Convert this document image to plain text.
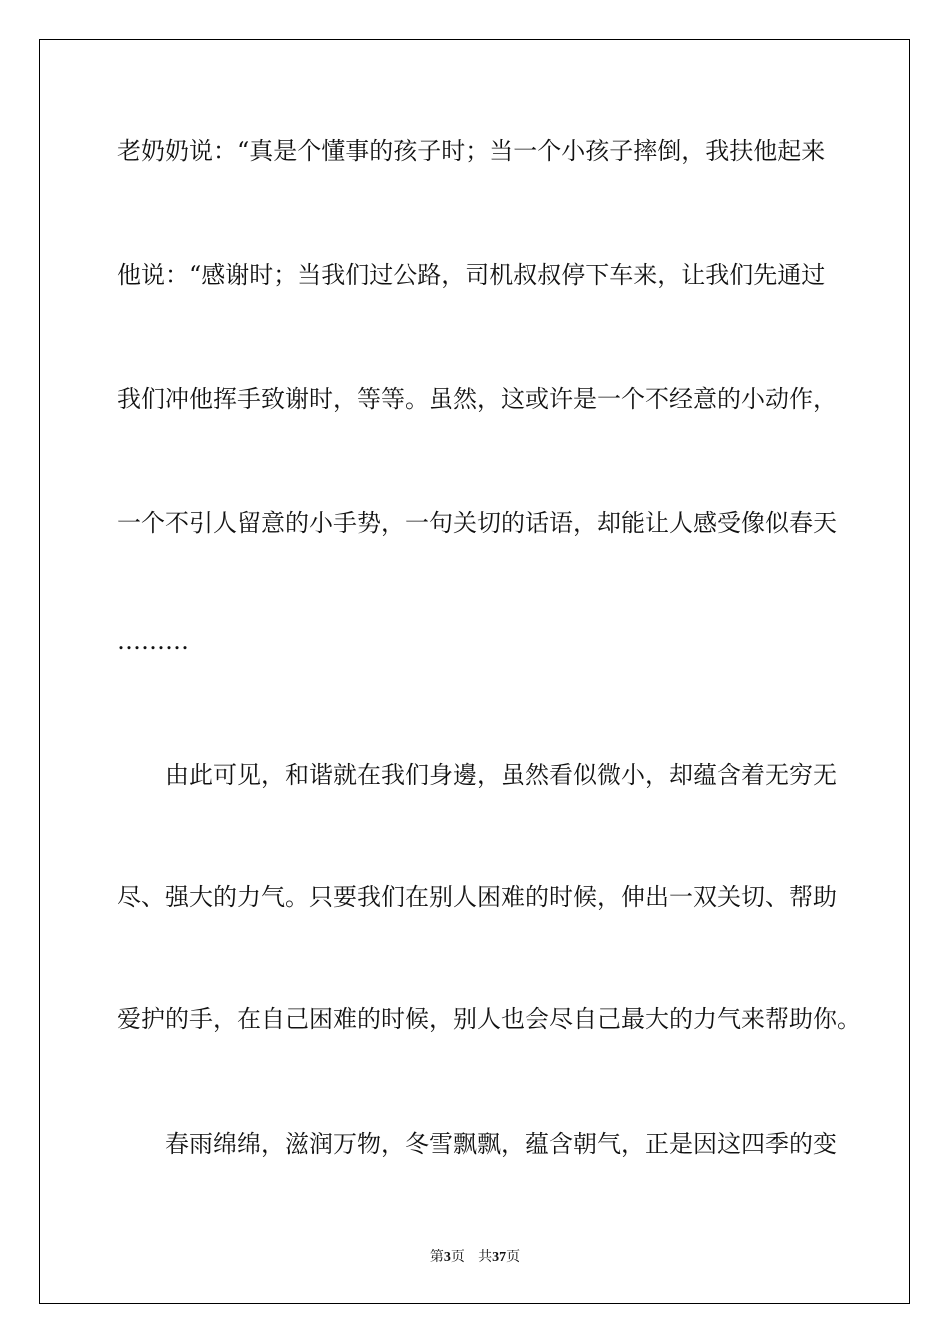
老奶奶说：“真是个懂事的孩子时；当一个小孩子摔倒，我扶他起来
他说：“感谢时；当我们过公路，司机叔叔停下车来，让我们先通过
我们冲他挥手致谢时，等等。虽然，这或许是一个不经意的小动作，
一个不引人留意的小手势，一句关切的话语，却能让人感受像似春天
………
由此可见，和谐就在我们身邊，虽然看似微小，却蕴含着无穷无
尽、强大的力气。只要我们在别人困难的时候，伸出一双关切、帮助
爱护的手，在自己困难的时候，别人也会尽自己最大的力气来帮助你。
春雨绵绵，滋润万物，冬雪飘飘，蕴含朝气，正是因这四季的变
第3页 共37页
